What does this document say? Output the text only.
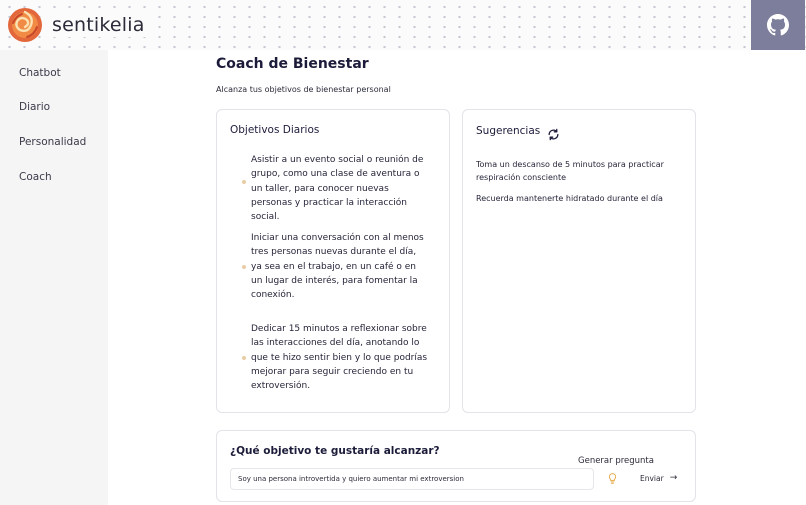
sentikelia
Chatbot
Diario
Personalidad
Coach
Coach de Bienestar
Alcanza tus objetivos de bienestar personal
Objetivos Diarios
Asistir a un evento social o reunión de grupo, como una clase de aventura o un taller, para conocer nuevas personas y practicar la interacción social.
Iniciar una conversación con al menos tres personas nuevas durante el día, ya sea en el trabajo, en un café o en un lugar de interés, para fomentar la conexión.
Dedicar 15 minutos a reflexionar sobre las interacciones del día, anotando lo que te hizo sentir bien y lo que podrías mejorar para seguir creciendo en tu extroversión.
Sugerencias
Toma un descanso de 5 minutos para practicar respiración consciente
Recuerda mantenerte hidratado durante el día
¿Qué objetivo te gustaría alcanzar?
Generar pregunta
Soy una persona introvertida y quiero aumentar mi extroversion
Enviar →
